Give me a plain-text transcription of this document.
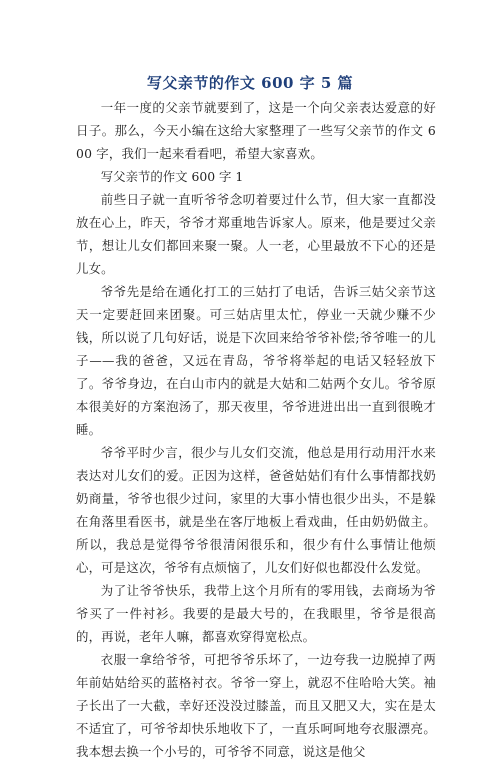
写父亲节的作文 600 字 5 篇

一年一度的父亲节就要到了，这是一个向父亲表达爱意的好日子。那么，今天小编在这给大家整理了一些写父亲节的作文 600 字，我们一起来看看吧，希望大家喜欢。

写父亲节的作文 600 字 1

前些日子就一直听爷爷念叨着要过什么节，但大家一直都没放在心上，昨天，爷爷才郑重地告诉家人。原来，他是要过父亲节，想让儿女们都回来聚一聚。人一老，心里最放不下心的还是儿女。

爷爷先是给在通化打工的三姑打了电话，告诉三姑父亲节这天一定要赶回来团聚。可三姑店里太忙，停业一天就少赚不少钱，所以说了几句好话，说是下次回来给爷爷补偿;爷爷唯一的儿子——我的爸爸，又远在青岛，爷爷将举起的电话又轻轻放下了。爷爷身边，在白山市内的就是大姑和二姑两个女儿。爷爷原本很美好的方案泡汤了，那天夜里，爷爷进进出出一直到很晚才睡。

爷爷平时少言，很少与儿女们交流，他总是用行动用汗水来表达对儿女们的爱。正因为这样，爸爸姑姑们有什么事情都找奶奶商量，爷爷也很少过问，家里的大事小情也很少出头，不是躲在角落里看医书，就是坐在客厅地板上看戏曲，任由奶奶做主。所以，我总是觉得爷爷很清闲很乐和，很少有什么事情让他烦心，可是这次，爷爷有点烦恼了，儿女们好似也都没什么发觉。

为了让爷爷快乐，我带上这个月所有的零用钱，去商场为爷爷买了一件衬衫。我要的是最大号的，在我眼里，爷爷是很高的，再说，老年人嘛，都喜欢穿得宽松点。

衣服一拿给爷爷，可把爷爷乐坏了，一边夸我一边脱掉了两年前姑姑给买的蓝格衬衣。爷爷一穿上，就忍不住哈哈大笑。袖子长出了一大截，幸好还没没过膝盖，而且又肥又大，实在是太不适宜了，可爷爷却快乐地收下了，一直乐呵呵地夸衣服漂亮。我本想去换一个小号的，可爷爷不同意，说这是他父
